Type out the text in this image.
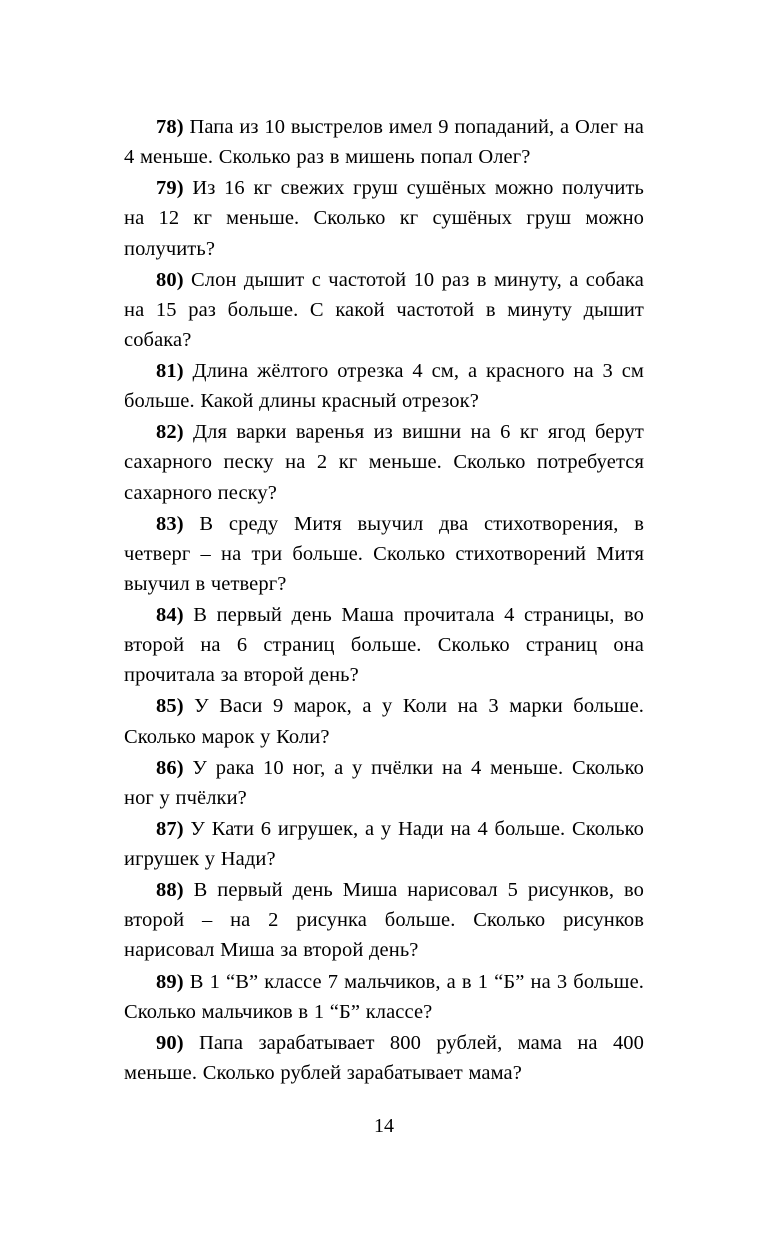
78) Папа из 10 выстрелов имел 9 попаданий, а Олег на 4 меньше. Сколько раз в мишень попал Олег?

79) Из 16 кг свежих груш сушёных можно получить на 12 кг меньше. Сколько кг сушёных груш можно получить?

80) Слон дышит с частотой 10 раз в минуту, а собака на 15 раз больше. С какой частотой в минуту дышит собака?

81) Длина жёлтого отрезка 4 см, а красного на 3 см больше. Какой длины красный отрезок?

82) Для варки варенья из вишни на 6 кг ягод берут сахарного песку на 2 кг меньше. Сколько потребуется сахарного песку?

83) В среду Митя выучил два стихотворения, в четверг – на три больше. Сколько стихотворений Митя выучил в четверг?

84) В первый день Маша прочитала 4 страницы, во второй на 6 страниц больше. Сколько страниц она прочитала за второй день?

85) У Васи 9 марок, а у Коли на 3 марки больше. Сколько марок у Коли?

86) У рака 10 ног, а у пчёлки на 4 меньше. Сколько ног у пчёлки?

87) У Кати 6 игрушек, а у Нади на 4 больше. Сколько игрушек у Нади?

88) В первый день Миша нарисовал 5 рисунков, во второй – на 2 рисунка больше. Сколько рисунков нарисовал Миша за второй день?

89) В 1 “В” классе 7 мальчиков, а в 1 “Б” на 3 больше. Сколько мальчиков в 1 “Б” классе?

90) Папа зарабатывает 800 рублей, мама на 400 меньше. Сколько рублей зарабатывает мама?

14
